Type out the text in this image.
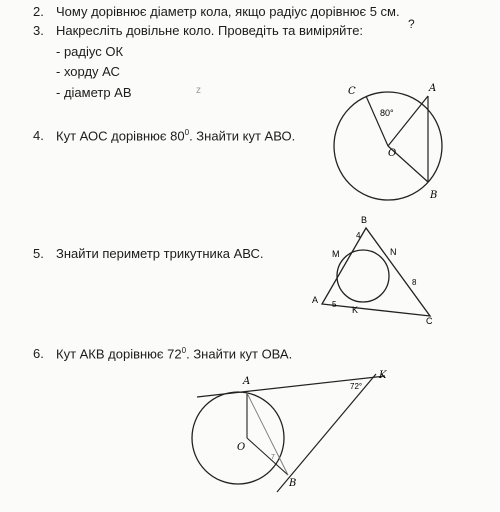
2. Чому дорівнює діаметр кола, якщо радіус дорівнює 5 см.
?
3. Накресліть довільне коло. Проведіть та виміряйте:
- радіус ОК
- хорду АС
- діаметр АВ	z
4. Кут АОС дорівнює $80^0$. Знайти кут АВО.
5. Знайти периметр трикутника АВС.
6. Кут АКВ дорівнює $72^0$. Знайти кут ОВА.
C	A
80°
O
B
B
4
M	N
8
A 5
K
C
A
K
72°
O
7
B
